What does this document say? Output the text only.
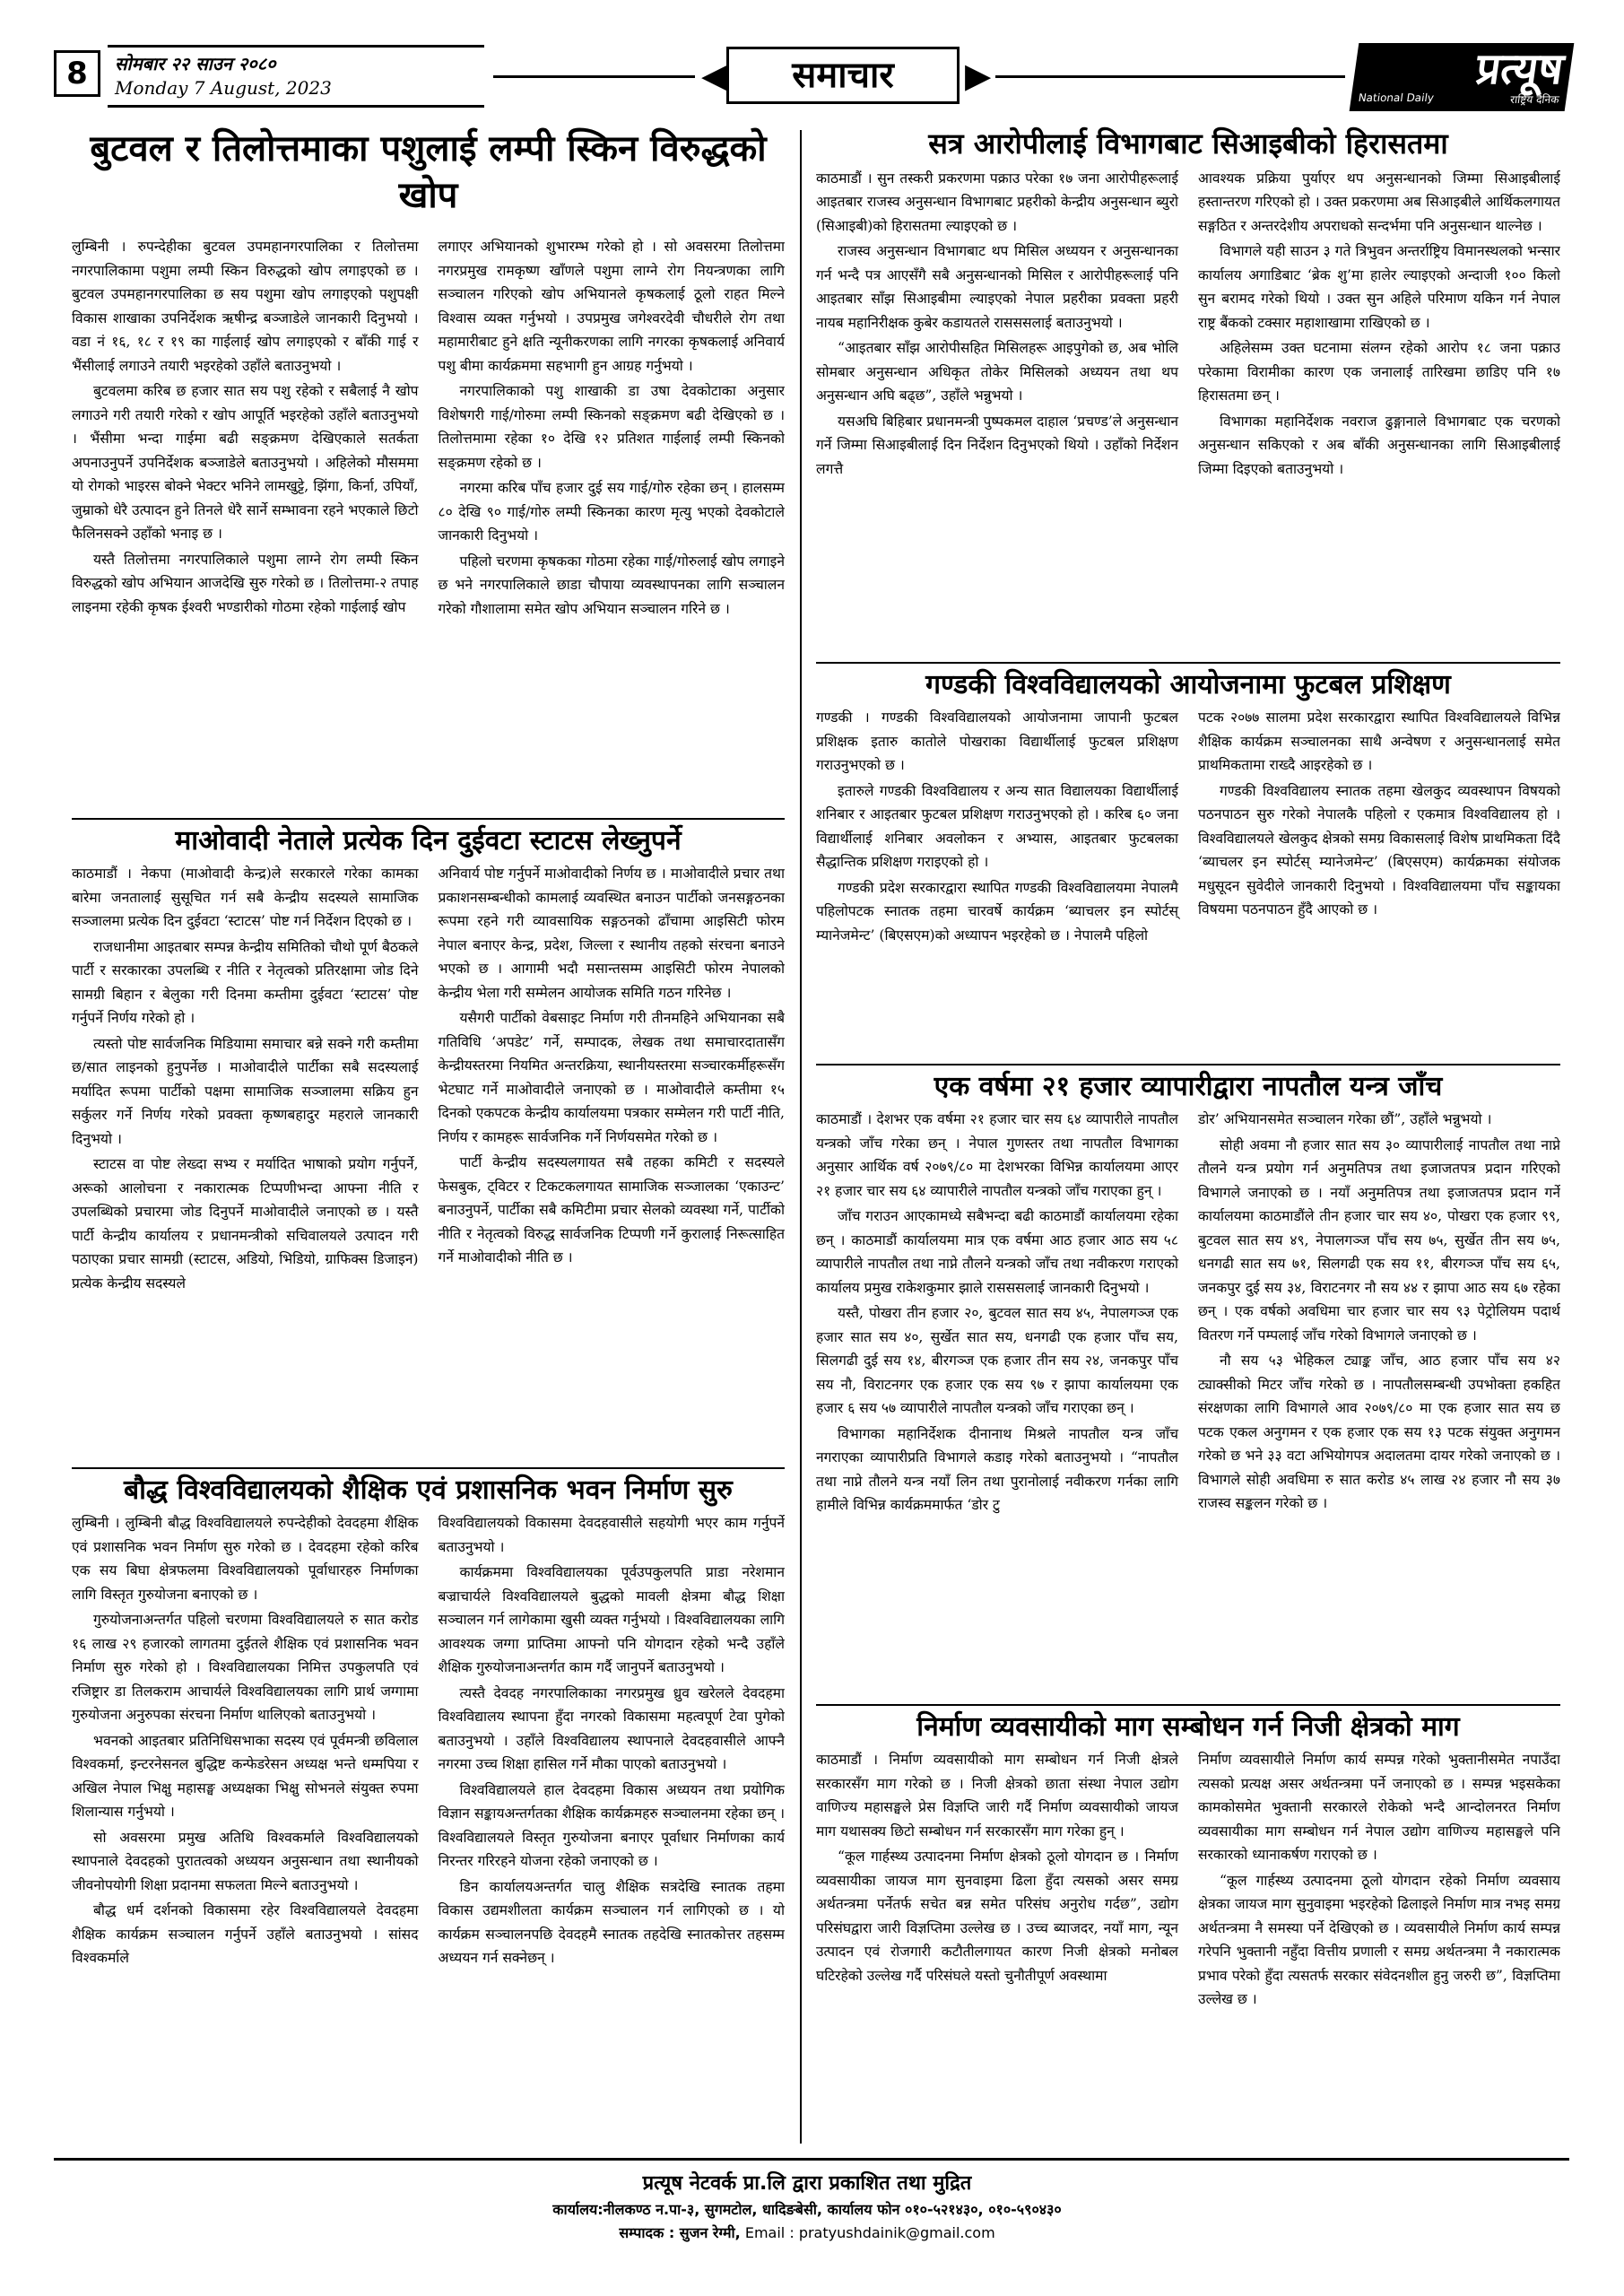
8	सोमबार २२ साउन २०८०
Monday 7 August, 2023	◀	समाचार	▶	प्रत्यूष
National Daily	राष्ट्रिय दैनिक
बुटवल र तिलोत्तमाका पशुलाई लम्पी स्किन विरुद्धको खोप

लुम्बिनी । रुपन्देहीका बुटवल उपमहानगरपालिका र तिलोत्तमा नगरपालिकामा पशुमा लम्पी स्किन विरुद्धको खोप लगाइएको छ । बुटवल उपमहानगरपालिका छ सय पशुमा खोप लगाइएको पशुपक्षी विकास शाखाका उपनिर्देशक ऋषीन्द्र बञ्जाडेले जानकारी दिनुभयो । वडा नं १६, १८ र १९ का गाईलाई खोप लगाइएको र बाँकी गाई र भैंसीलाई लगाउने तयारी भइरहेको उहाँले बताउनुभयो ।

बुटवलमा करिब छ हजार सात सय पशु रहेको र सबैलाई नै खोप लगाउने गरी तयारी गरेको र खोप आपूर्ति भइरहेको उहाँले बताउनुभयो । भैंसीमा भन्दा गाईमा बढी सङ्क्रमण देखिएकाले सतर्कता अपनाउनुपर्ने उपनिर्देशक बञ्जाडेले बताउनुभयो । अहिलेको मौसममा यो रोगको भाइरस बोक्ने भेक्टर भनिने लामखुट्टे, झिंगा, किर्ना, उपियाँ, जुम्राको धेरै उत्पादन हुने तिनले धेरै सार्ने सम्भावना रहने भएकाले छिटो फैलिनसक्ने उहाँको भनाइ छ ।

यस्तै तिलोत्तमा नगरपालिकाले पशुमा लाग्ने रोग लम्पी स्किन विरुद्धको खोप अभियान आजदेखि सुरु गरेको छ । तिलोत्तमा-२ तपाह लाइनमा रहेकी कृषक ईश्वरी भण्डारीको गोठमा रहेको गाईलाई खोप

लगाएर अभियानको शुभारम्भ गरेको हो । सो अवसरमा तिलोत्तमा नगरप्रमुख रामकृष्ण खाँणले पशुमा लाग्ने रोग नियन्त्रणका लागि सञ्चालन गरिएको खोप अभियानले कृषकलाई ठूलो राहत मिल्ने विश्वास व्यक्त गर्नुभयो । उपप्रमुख जगेश्वरदेवी चौधरीले रोग तथा महामारीबाट हुने क्षति न्यूनीकरणका लागि नगरका कृषकलाई अनिवार्य पशु बीमा कार्यक्रममा सहभागी हुन आग्रह गर्नुभयो ।

नगरपालिकाको पशु शाखाकी डा उषा देवकोटाका अनुसार विशेषगरी गाई/गोरुमा लम्पी स्किनको सङ्क्रमण बढी देखिएको छ । तिलोत्तमामा रहेका १० देखि १२ प्रतिशत गाईलाई लम्पी स्किनको सङ्क्रमण रहेको छ ।

नगरमा करिब पाँच हजार दुई सय गाई/गोरु रहेका छन् । हालसम्म ८० देखि ९० गाई/गोरु लम्पी स्किनका कारण मृत्यु भएको देवकोटाले जानकारी दिनुभयो ।

पहिलो चरणमा कृषकका गोठमा रहेका गाई/गोरुलाई खोप लगाइने छ भने नगरपालिकाले छाडा चौपाया व्यवस्थापनका लागि सञ्चालन गरेको गौशालामा समेत खोप अभियान सञ्चालन गरिने छ ।

माओवादी नेताले प्रत्येक दिन दुईवटा स्टाटस लेख्नुपर्ने

काठमाडौं । नेकपा (माओवादी केन्द्र)ले सरकारले गरेका कामका बारेमा जनतालाई सुसूचित गर्न सबै केन्द्रीय सदस्यले सामाजिक सञ्जालमा प्रत्येक दिन दुईवटा ‘स्टाटस’ पोष्ट गर्न निर्देशन दिएको छ ।

राजधानीमा आइतबार सम्पन्न केन्द्रीय समितिको चौथो पूर्ण बैठकले पार्टी र सरकारका उपलब्धि र नीति र नेतृत्वको प्रतिरक्षामा जोड दिने सामग्री बिहान र बेलुका गरी दिनमा कम्तीमा दुईवटा ‘स्टाटस’ पोष्ट गर्नुपर्ने निर्णय गरेको हो ।

त्यस्तो पोष्ट सार्वजनिक मिडियामा समाचार बन्ने सक्ने गरी कम्तीमा छ/सात लाइनको हुनुपर्नेछ । माओवादीले पार्टीका सबै सदस्यलाई मर्यादित रूपमा पार्टीको पक्षमा सामाजिक सञ्जालमा सक्रिय हुन सर्कुलर गर्ने निर्णय गरेको प्रवक्ता कृष्णबहादुर महराले जानकारी दिनुभयो ।

स्टाटस वा पोष्ट लेख्दा सभ्य र मर्यादित भाषाको प्रयोग गर्नुपर्ने, अरूको आलोचना र नकारात्मक टिप्पणीभन्दा आफ्ना नीति र उपलब्धिको प्रचारमा जोड दिनुपर्ने माओवादीले जनाएको छ । यस्तै पार्टी केन्द्रीय कार्यालय र प्रधानमन्त्रीको सचिवालयले उत्पादन गरी पठाएका प्रचार सामग्री (स्टाटस, अडियो, भिडियो, ग्राफिक्स डिजाइन) प्रत्येक केन्द्रीय सदस्यले

अनिवार्य पोष्ट गर्नुपर्ने माओवादीको निर्णय छ । माओवादीले प्रचार तथा प्रकाशनसम्बन्धीको कामलाई व्यवस्थित बनाउन पार्टीको जनसङ्गठनका रूपमा रहने गरी व्यावसायिक सङ्गठनको ढाँचामा आइसिटी फोरम नेपाल बनाएर केन्द्र, प्रदेश, जिल्ला र स्थानीय तहको संरचना बनाउने भएको छ । आगामी भदौ मसान्तसम्म आइसिटी फोरम नेपालको केन्द्रीय भेला गरी सम्मेलन आयोजक समिति गठन गरिनेछ ।

यसैगरी पार्टीको वेबसाइट निर्माण गरी तीनमहिने अभियानका सबै गतिविधि ‘अपडेट’ गर्ने, सम्पादक, लेखक तथा समाचारदातासँग केन्द्रीयस्तरमा नियमित अन्तरक्रिया, स्थानीयस्तरमा सञ्चारकर्मीहरूसँग भेटघाट गर्ने माओवादीले जनाएको छ । माओवादीले कम्तीमा १५ दिनको एकपटक केन्द्रीय कार्यालयमा पत्रकार सम्मेलन गरी पार्टी नीति, निर्णय र कामहरू सार्वजनिक गर्ने निर्णयसमेत गरेको छ ।

पार्टी केन्द्रीय सदस्यलगायत सबै तहका कमिटी र सदस्यले फेसबुक, ट्विटर र टिकटकलगायत सामाजिक सञ्जालका ‘एकाउन्ट’ बनाउनुपर्ने, पार्टीका सबै कमिटीमा प्रचार सेलको व्यवस्था गर्ने, पार्टीको नीति र नेतृत्वको विरुद्ध सार्वजनिक टिप्पणी गर्ने कुरालाई निरूत्साहित गर्ने माओवादीको नीति छ ।

बौद्ध विश्वविद्यालयको शैक्षिक एवं प्रशासनिक भवन निर्माण सुरु

लुम्बिनी । लुम्बिनी बौद्ध विश्वविद्यालयले रुपन्देहीको देवदहमा शैक्षिक एवं प्रशासनिक भवन निर्माण सुरु गरेको छ । देवदहमा रहेको करिब एक सय बिघा क्षेत्रफलमा विश्वविद्यालयको पूर्वाधारहरु निर्माणका लागि विस्तृत गुरुयोजना बनाएको छ ।

गुरुयोजनाअन्तर्गत पहिलो चरणमा विश्वविद्यालयले रु सात करोड १६ लाख २९ हजारको लागतमा दुईतले शैक्षिक एवं प्रशासनिक भवन निर्माण सुरु गरेको हो । विश्वविद्यालयका निमित्त उपकुलपति एवं रजिष्ट्रार डा तिलकराम आचार्यले विश्वविद्यालयका लागि प्रार्थ जग्गामा गुरुयोजना अनुरुपका संरचना निर्माण थालिएको बताउनुभयो ।

भवनको आइतबार प्रतिनिधिसभाका सदस्य एवं पूर्वमन्त्री छविलाल विश्वकर्मा, इन्टरनेसनल बुद्धिष्ट कन्फेडरेसन अध्यक्ष भन्ते धम्मपिया र अखिल नेपाल भिक्षु महासङ्घ अध्यक्षका भिक्षु सोभनले संयुक्त रुपमा शिलान्यास गर्नुभयो ।

सो अवसरमा प्रमुख अतिथि विश्वकर्माले विश्वविद्यालयको स्थापनाले देवदहको पुरातत्वको अध्ययन अनुसन्धान तथा स्थानीयको जीवनोपयोगी शिक्षा प्रदानमा सफलता मिल्ने बताउनुभयो ।

बौद्ध धर्म दर्शनको विकासमा रहेर विश्वविद्यालयले देवदहमा शैक्षिक कार्यक्रम सञ्चालन गर्नुपर्ने उहाँले बताउनुभयो । सांसद विश्वकर्माले

विश्वविद्यालयको विकासमा देवदहवासीले सहयोगी भएर काम गर्नुपर्ने बताउनुभयो ।

कार्यक्रममा विश्वविद्यालयका पूर्वउपकुलपति प्राडा नरेशमान बज्राचार्यले विश्वविद्यालयले बुद्धको मावली क्षेत्रमा बौद्ध शिक्षा सञ्चालन गर्न लागेकामा खुसी व्यक्त गर्नुभयो । विश्वविद्यालयका लागि आवश्यक जग्गा प्राप्तिमा आफ्नो पनि योगदान रहेको भन्दै उहाँले शैक्षिक गुरुयोजनाअन्तर्गत काम गर्दै जानुपर्ने बताउनुभयो ।

त्यस्तै देवदह नगरपालिकाका नगरप्रमुख ध्रुव खरेलले देवदहमा विश्वविद्यालय स्थापना हुँदा नगरको विकासमा महत्वपूर्ण टेवा पुगेको बताउनुभयो । उहाँले विश्वविद्यालय स्थापनाले देवदहवासीले आफ्नै नगरमा उच्च शिक्षा हासिल गर्ने मौका पाएको बताउनुभयो ।

विश्वविद्यालयले हाल देवदहमा विकास अध्ययन तथा प्रयोगिक विज्ञान सङ्कायअन्तर्गतका शैक्षिक कार्यक्रमहरु सञ्चालनमा रहेका छन् । विश्वविद्यालयले विस्तृत गुरुयोजना बनाएर पूर्वाधार निर्माणका कार्य निरन्तर गरिरहने योजना रहेको जनाएको छ ।

डिन कार्यालयअन्तर्गत चालु शैक्षिक सत्रदेखि स्नातक तहमा विकास उद्यमशीलता कार्यक्रम सञ्चालन गर्न लागिएको छ । यो कार्यक्रम सञ्चालनपछि देवदहमै स्नातक तहदेखि स्नातकोत्तर तहसम्म अध्ययन गर्न सक्नेछन् ।

सत्र आरोपीलाई विभागबाट सिआइबीको हिरासतमा

काठमाडौं । सुन तस्करी प्रकरणमा पक्राउ परेका १७ जना आरोपीहरूलाई आइतबार राजस्व अनुसन्धान विभागबाट प्रहरीको केन्द्रीय अनुसन्धान ब्युरो (सिआइबी)को हिरासतमा ल्याइएको छ ।

राजस्व अनुसन्धान विभागबाट थप मिसिल अध्ययन र अनुसन्धानका गर्न भन्दै पत्र आएसँगै सबै अनुसन्धानको मिसिल र आरोपीहरूलाई पनि आइतबार साँझ सिआइबीमा ल्याइएको नेपाल प्रहरीका प्रवक्ता प्रहरी नायब महानिरीक्षक कुबेर कडायतले रासससलाई बताउनुभयो ।

“आइतबार साँझ आरोपीसहित मिसिलहरू आइपुगेको छ, अब भोलि सोमबार अनुसन्धान अधिकृत तोकेर मिसिलको अध्ययन तथा थप अनुसन्धान अघि बढ्छ”, उहाँले भन्नुभयो ।

यसअघि बिहिबार प्रधानमन्त्री पुष्पकमल दाहाल ‘प्रचण्ड’ले अनुसन्धान गर्ने जिम्मा सिआइबीलाई दिन निर्देशन दिनुभएको थियो । उहाँको निर्देशन लगत्तै

आवश्यक प्रक्रिया पुर्याएर थप अनुसन्धानको जिम्मा सिआइबीलाई हस्तान्तरण गरिएको हो । उक्त प्रकरणमा अब सिआइबीले आर्थिकलगायत सङ्गठित र अन्तरदेशीय अपराधको सन्दर्भमा पनि अनुसन्धान थाल्नेछ ।

विभागले यही साउन ३ गते त्रिभुवन अन्तर्राष्ट्रिय विमानस्थलको भन्सार कार्यालय अगाडिबाट ‘ब्रेक शु’मा हालेर ल्याइएको अन्दाजी १०० किलो सुन बरामद गरेको थियो । उक्त सुन अहिले परिमाण यकिन गर्न नेपाल राष्ट्र बैंकको टक्सार महाशाखामा राखिएको छ ।

अहिलेसम्म उक्त घटनामा संलग्न रहेको आरोप १८ जना पक्राउ परेकामा विरामीका कारण एक जनालाई तारिखमा छाडिए पनि १७ हिरासतमा छन् ।

विभागका महानिर्देशक नवराज ढुङ्गानाले विभागबाट एक चरणको अनुसन्धान सकिएको र अब बाँकी अनुसन्धानका लागि सिआइबीलाई जिम्मा दिइएको बताउनुभयो ।

गण्डकी विश्वविद्यालयको आयोजनामा फुटबल प्रशिक्षण

गण्डकी । गण्डकी विश्वविद्यालयको आयोजनामा जापानी फुटबल प्रशिक्षक इतारु काताेले पोखराका विद्यार्थीलाई फुटबल प्रशिक्षण गराउनुभएको छ ।

इतारुले गण्डकी विश्वविद्यालय र अन्य सात विद्यालयका विद्यार्थीलाई शनिबार र आइतबार फुटबल प्रशिक्षण गराउनुभएको हो । करिब ६० जना विद्यार्थीलाई शनिबार अवलोकन र अभ्यास, आइतबार फुटबलका सैद्धान्तिक प्रशिक्षण गराइएको हो ।

गण्डकी प्रदेश सरकारद्वारा स्थापित गण्डकी विश्वविद्यालयमा नेपालमै पहिलोपटक स्नातक तहमा चारवर्षे कार्यक्रम ‘ब्याचलर इन स्पोर्टस् म्यानेजमेन्ट’ (बिएसएम)को अध्यापन भइरहेको छ । नेपालमै पहिलो

पटक २०७७ सालमा प्रदेश सरकारद्वारा स्थापित विश्वविद्यालयले विभिन्न शैक्षिक कार्यक्रम सञ्चालनका साथै अन्वेषण र अनुसन्धानलाई समेत प्राथमिकतामा राख्दै आइरहेको छ ।

गण्डकी विश्वविद्यालय स्नातक तहमा खेलकुद व्यवस्थापन विषयको पठनपाठन सुरु गरेको नेपालकै पहिलो र एकमात्र विश्वविद्यालय हो । विश्वविद्यालयले खेलकुद क्षेत्रको समग्र विकासलाई विशेष प्राथमिकता दिंदै ‘ब्याचलर इन स्पोर्टस् म्यानेजमेन्ट’ (बिएसएम) कार्यक्रमका संयोजक मधुसूदन सुवेदीले जानकारी दिनुभयो । विश्वविद्यालयमा पाँच सङ्कायका विषयमा पठनपाठन हुँदै आएको छ ।

एक वर्षमा २१ हजार व्यापारीद्वारा नापतौल यन्त्र जाँच

काठमाडौं । देशभर एक वर्षमा २१ हजार चार सय ६४ व्यापारीले नापतौल यन्त्रको जाँच गरेका छन् । नेपाल गुणस्तर तथा नापतौल विभागका अनुसार आर्थिक वर्ष २०७९/८० मा देशभरका विभिन्न कार्यालयमा आएर २१ हजार चार सय ६४ व्यापारीले नापतौल यन्त्रको जाँच गराएका हुन् ।

जाँच गराउन आएकामध्ये सबैभन्दा बढी काठमाडौं कार्यालयमा रहेका छन् । काठमाडौं कार्यालयमा मात्र एक वर्षमा आठ हजार आठ सय ५८ व्यापारीले नापतौल तथा नाप्ने तौलने यन्त्रको जाँच तथा नवीकरण गराएको कार्यालय प्रमुख राकेशकुमार झाले रासससलाई जानकारी दिनुभयो ।

यस्तै, पोखरा तीन हजार २०, बुटवल सात सय ४५, नेपालगञ्ज एक हजार सात सय ४०, सुर्खेत सात सय, धनगढी एक हजार पाँच सय, सिलगढी दुई सय १४, बीरगञ्ज एक हजार तीन सय २४, जनकपुर पाँच सय नौ, विराटनगर एक हजार एक सय ९७ र झापा कार्यालयमा एक हजार ६ सय ५७ व्यापारीले नापतौल यन्त्रको जाँच गराएका छन् ।

विभागका महानिर्देशक दीनानाथ मिश्रले नापतौल यन्त्र जाँच नगराएका व्यापारीप्रति विभागले कडाइ गरेको बताउनुभयो । “नापतौल तथा नाप्ने तौलने यन्त्र नयाँ लिन तथा पुरानोलाई नवीकरण गर्नका लागि हामीले विभिन्न कार्यक्रममार्फत ‘डोर टु

डोर’ अभियानसमेत सञ्चालन गरेका छौं”, उहाँले भन्नुभयो ।

सोही अवमा नौ हजार सात सय ३० व्यापारीलाई नापतौल तथा नाप्ने तौलने यन्त्र प्रयोग गर्न अनुमतिपत्र तथा इजाजतपत्र प्रदान गरिएको विभागले जनाएको छ । नयाँ अनुमतिपत्र तथा इजाजतपत्र प्रदान गर्ने कार्यालयमा काठमाडौंले तीन हजार चार सय ४०, पोखरा एक हजार ९९, बुटवल सात सय ४९, नेपालगञ्ज पाँच सय ७५, सुर्खेत तीन सय ७५, धनगढी सात सय ७१, सिलगढी एक सय ११, बीरगञ्ज पाँच सय ६५, जनकपुर दुई सय ३४, विराटनगर नौ सय ४४ र झापा आठ सय ६७ रहेका छन् । एक वर्षको अवधिमा चार हजार चार सय ९३ पेट्रोलियम पदार्थ वितरण गर्ने पम्पलाई जाँच गरेको विभागले जनाएको छ ।

नौ सय ५३ भेहिकल ट्याङ्क जाँच, आठ हजार पाँच सय ४२ ट्याक्सीको मिटर जाँच गरेको छ । नापतौलसम्बन्धी उपभोक्ता हकहित संरक्षणका लागि विभागले आव २०७९/८० मा एक हजार सात सय छ पटक एकल अनुगमन र एक हजार एक सय १३ पटक संयुक्त अनुगमन गरेको छ भने ३३ वटा अभियोगपत्र अदालतमा दायर गरेको जनाएको छ । विभागले सोही अवधिमा रु सात करोड ४५ लाख २४ हजार नौ सय ३७ राजस्व सङ्कलन गरेको छ ।

निर्माण व्यवसायीको माग सम्बोधन गर्न निजी क्षेत्रको माग

काठमाडौं । निर्माण व्यवसायीको माग सम्बोधन गर्न निजी क्षेत्रले सरकारसँग माग गरेको छ । निजी क्षेत्रको छाता संस्था नेपाल उद्योग वाणिज्य महासङ्घले प्रेस विज्ञप्ति जारी गर्दै निर्माण व्यवसायीको जायज माग यथासक्य छिटो सम्बोधन गर्न सरकारसँग माग गरेका हुन् ।

“कूल गार्हस्थ्य उत्पादनमा निर्माण क्षेत्रको ठूलो योगदान छ । निर्माण व्यवसायीका जायज माग सुनवाइमा ढिला हुँदा त्यसको असर समग्र अर्थतन्त्रमा पर्नेतर्फ सचेत बन्न समेत परिसंघ अनुरोध गर्दछ”, उद्योग परिसंघद्वारा जारी विज्ञप्तिमा उल्लेख छ । उच्च ब्याजदर, नयाँ माग, न्यून उत्पादन एवं रोजगारी कटौतीलगायत कारण निजी क्षेत्रको मनोबल घटिरहेको उल्लेख गर्दै परिसंघले यस्तो चुनौतीपूर्ण अवस्थामा

निर्माण व्यवसायीले निर्माण कार्य सम्पन्न गरेको भुक्तानीसमेत नपाउँदा त्यसको प्रत्यक्ष असर अर्थतन्त्रमा पर्ने जनाएको छ । सम्पन्न भइसकेका कामकोसमेत भुक्तानी सरकारले रोकेको भन्दै आन्दोलनरत निर्माण व्यवसायीका माग सम्बोधन गर्न नेपाल उद्योग वाणिज्य महासङ्घले पनि सरकारको ध्यानाकर्षण गराएको छ ।

“कूल गार्हस्थ्य उत्पादनमा ठूलो योगदान रहेको निर्माण व्यवसाय क्षेत्रका जायज माग सुनुवाइमा भइरहेको ढिलाइले निर्माण मात्र नभइ समग्र अर्थतन्त्रमा नै समस्या पर्ने देखिएको छ । व्यवसायीले निर्माण कार्य सम्पन्न गरेपनि भुक्तानी नहुँदा वित्तीय प्रणाली र समग्र अर्थतन्त्रमा नै नकारात्मक प्रभाव परेको हुँदा त्यसतर्फ सरकार संवेदनशील हुनु जरुरी छ”, विज्ञप्तिमा उल्लेख छ ।

प्रत्यूष नेटवर्क प्रा.लि द्वारा प्रकाशित तथा मुद्रित
कार्यालय:नीलकण्ठ न.पा-३, सुगमटोल, धादिङबेसी, कार्यालय फोन ०१०-५२१४३०, ०१०-५९०४३०
सम्पादक : सुजन रेग्मी, Email : pratyushdainik@gmail.com
